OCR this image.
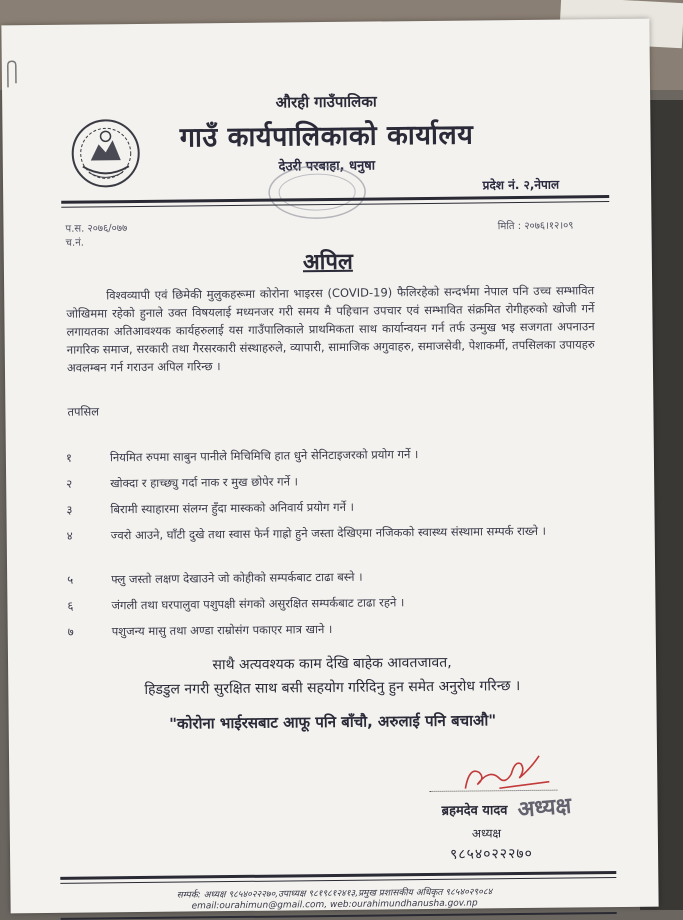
औरही गाउँपालिका
गाउँ कार्यपालिकाको कार्यालय
देउरी परबाहा, धनुषा
प्रदेश नं. २,नेपाल
प.स. २०७६/०७७
च.नं.
मिति : २०७६।१२।०९
अपिल
विश्वव्यापी एवं छिमेकी मुलुकहरूमा कोरोना भाइरस (COVID-19) फैलिरहेको सन्दर्भमा नेपाल पनि उच्च सम्भावित जोखिममा रहेको हुनाले उक्त विषयलाई मध्यनजर गरी समय मै पहिचान उपचार एवं सम्भावित संक्रमित रोगीहरुको खोजी गर्ने लगायतका अतिआवश्यक कार्यहरुलाई यस गाउँपालिकाले प्राथमिकता साथ कार्यान्वयन गर्न तर्फ उन्मुख भइ सजगता अपनाउन नागरिक समाज, सरकारी तथा गैरसरकारी संस्थाहरुले, व्यापारी, सामाजिक अगुवाहरु, समाजसेवी, पेशाकर्मी, तपसिलका उपायहरु अवलम्बन गर्न गराउन अपिल गरिन्छ ।
तपसिल
१	नियमित रुपमा साबुन पानीले मिचिमिचि हात धुने सेनिटाइजरको प्रयोग गर्ने ।
२	खोक्दा र हाच्छ्यु गर्दा नाक र मुख छोपेर गर्ने ।
३	बिरामी स्याहारमा संलग्न हुँदा मास्कको अनिवार्य प्रयोग गर्ने ।
४	ज्वरो आउने, घाँटी दुखे तथा स्वास फेर्न गाह्रो हुने जस्ता देखिएमा नजिकको स्वास्थ्य संस्थामा सम्पर्क राख्ने ।
५	फ्लु जस्तो लक्षण देखाउने जो कोहीको सम्पर्कबाट टाढा बस्ने ।
६	जंगली तथा घरपालुवा पशुपक्षी संगको असुरक्षित सम्पर्कबाट टाढा रहने ।
७	पशुजन्य मासु तथा अण्डा राम्रोसंग पकाएर मात्र खाने ।
साथै अत्यवश्यक काम देखि बाहेक आवतजावत,
हिडडुल नगरी सुरक्षित साथ बसी सहयोग गरिदिनु हुन समेत अनुरोध गरिन्छ ।
"कोरोना भाईरसबाट आफू पनि बाँचौ, अरुलाई पनि बचाऔ"
ब्रहमदेव यादव अध्यक्ष
अध्यक्ष
९८५४०२२२७०
सम्पर्क: अध्यक्ष ९८५४०२२२७०,उपाध्यक्ष ९८१९८१२४१३,प्रमुख प्रशासकीय अधिकृत ९८५४०२९०८४
email:ourahimun@gmail.com, web:ourahimundhanusha.gov.np
